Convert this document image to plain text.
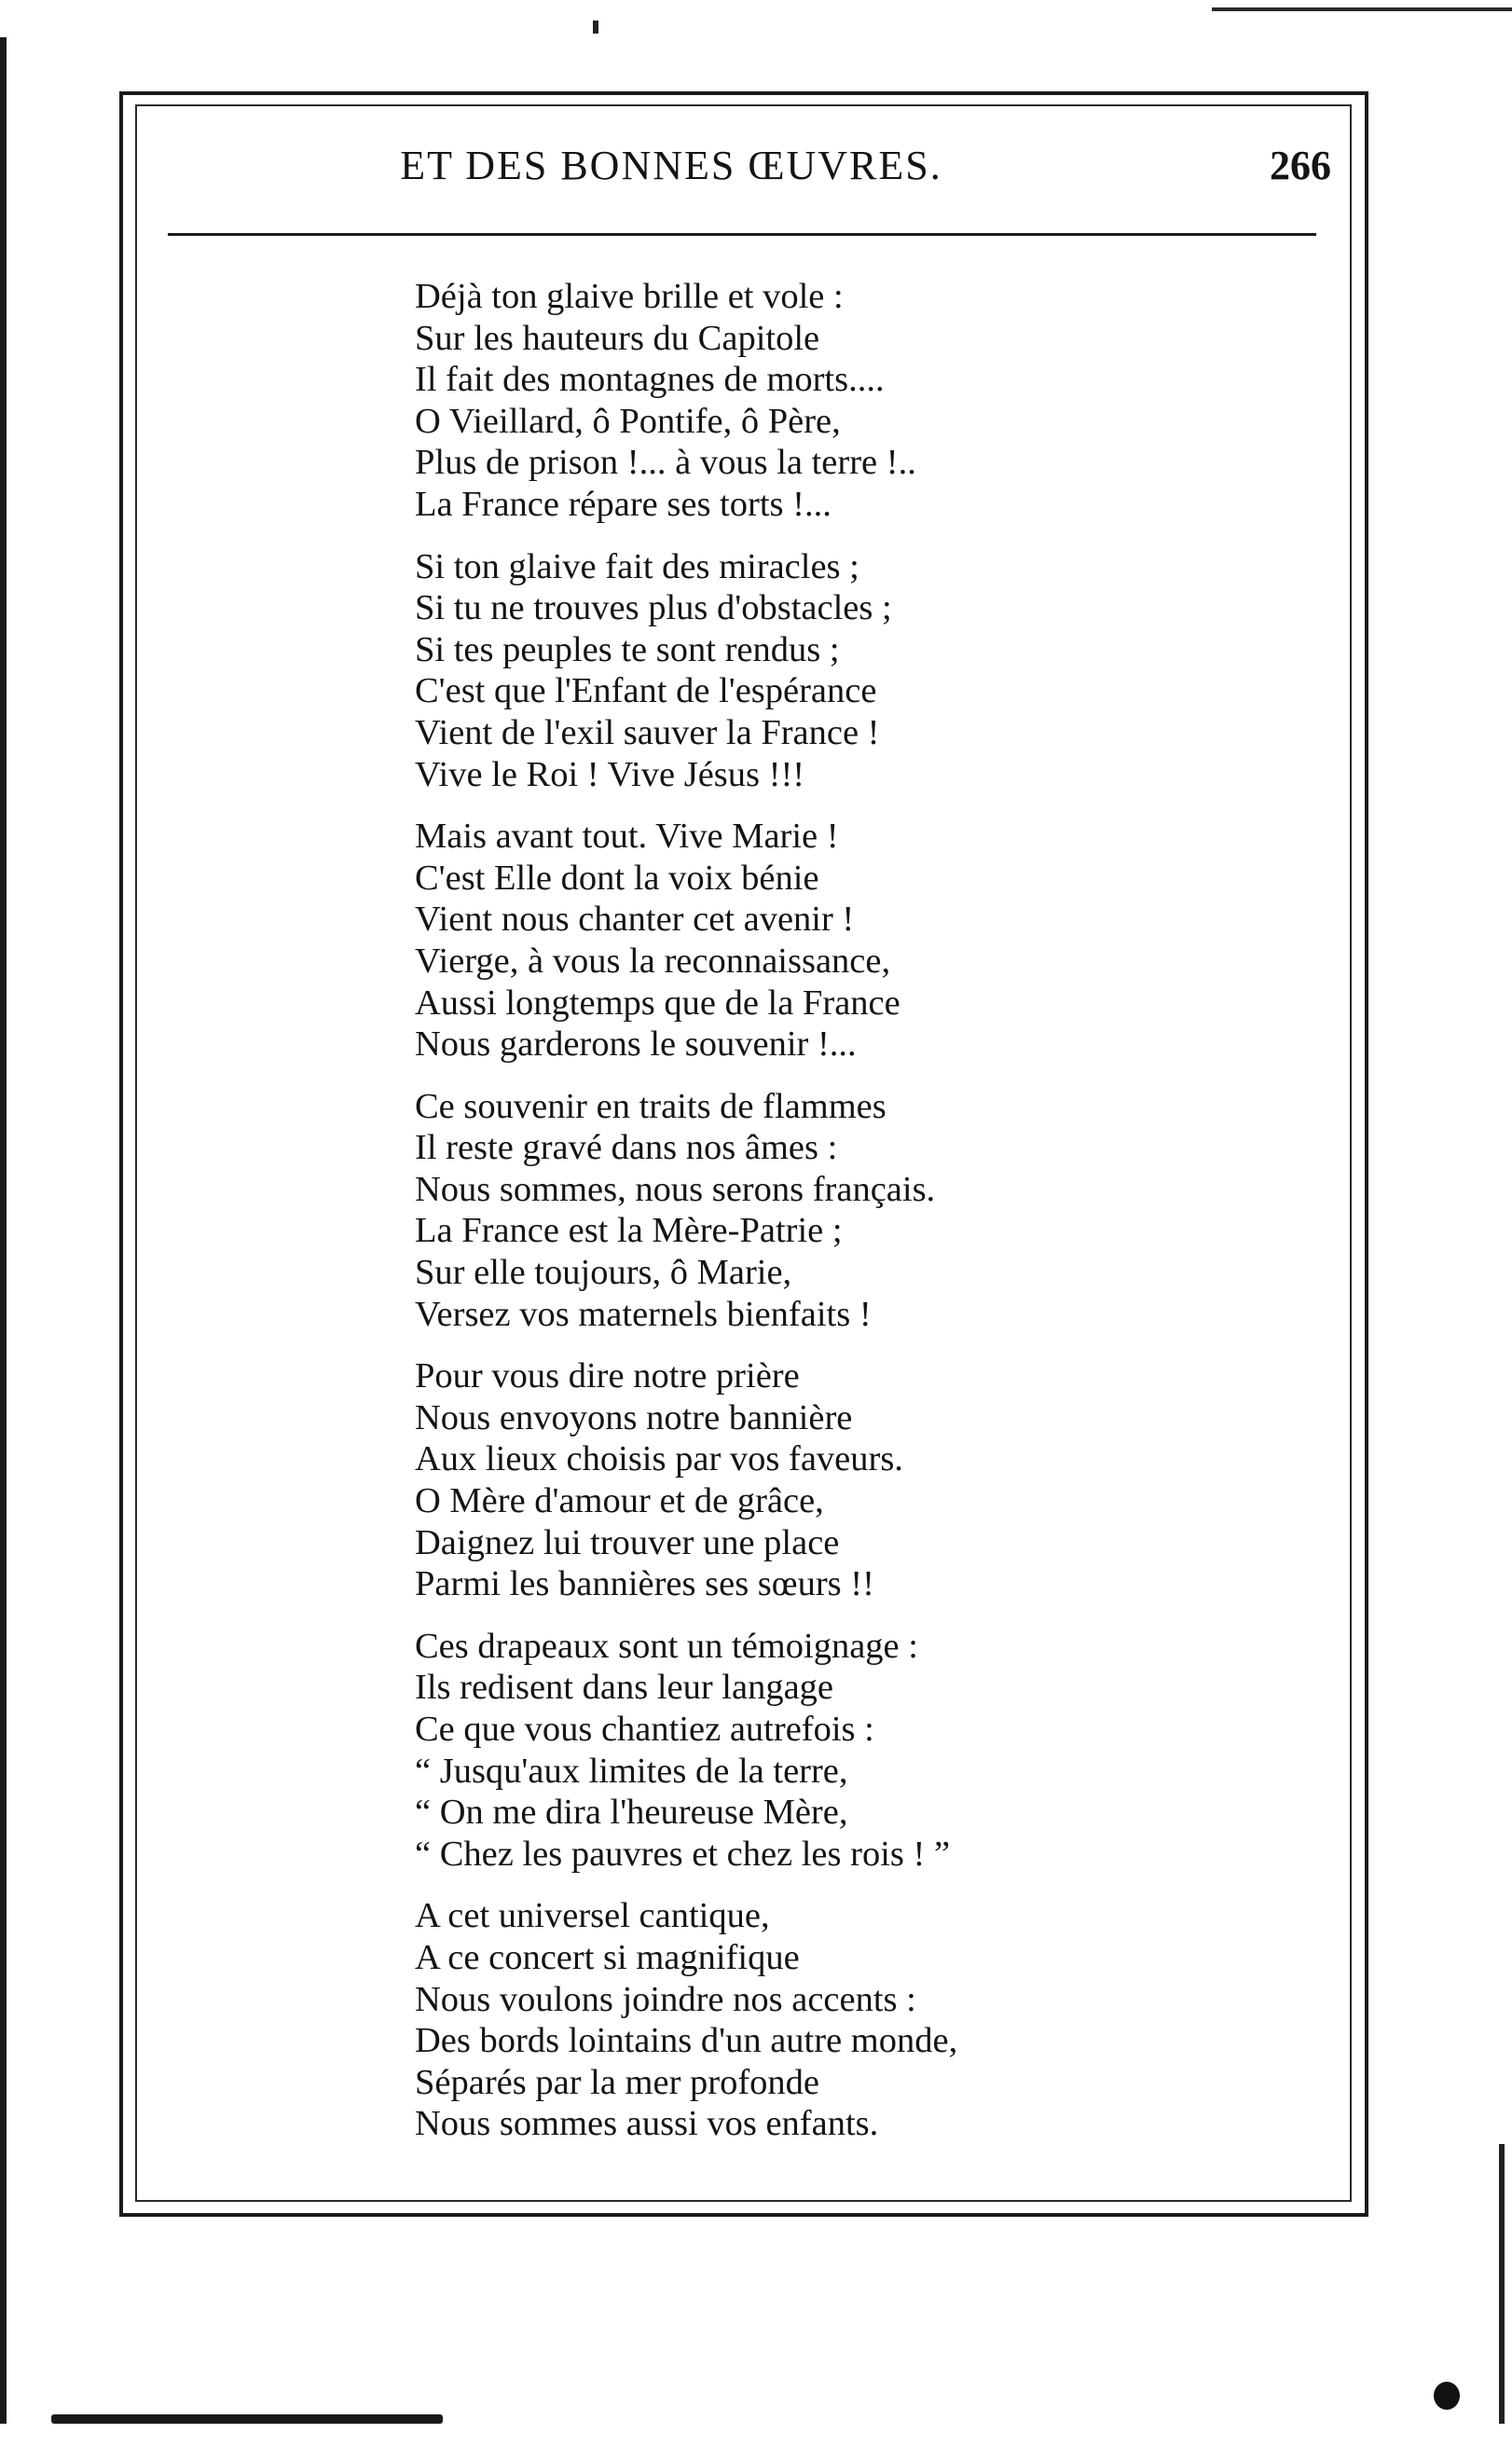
ET DES BONNES ŒUVRES.	266
Déjà ton glaive brille et vole :
Sur les hauteurs du Capitole
Il fait des montagnes de morts....
O Vieillard, ô Pontife, ô Père,
Plus de prison !... à vous la terre !..
La France répare ses torts !...
Si ton glaive fait des miracles ;
Si tu ne trouves plus d'obstacles ;
Si tes peuples te sont rendus ;
C'est que l'Enfant de l'espérance
Vient de l'exil sauver la France !
Vive le Roi ! Vive Jésus !!!
Mais avant tout. Vive Marie !
C'est Elle dont la voix bénie
Vient nous chanter cet avenir !
Vierge, à vous la reconnaissance,
Aussi longtemps que de la France
Nous garderons le souvenir !...
Ce souvenir en traits de flammes
Il reste gravé dans nos âmes :
Nous sommes, nous serons français.
La France est la Mère-Patrie ;
Sur elle toujours, ô Marie,
Versez vos maternels bienfaits !
Pour vous dire notre prière
Nous envoyons notre bannière
Aux lieux choisis par vos faveurs.
O Mère d'amour et de grâce,
Daignez lui trouver une place
Parmi les bannières ses sœurs !!
Ces drapeaux sont un témoignage :
Ils redisent dans leur langage
Ce que vous chantiez autrefois :
“ Jusqu'aux limites de la terre,
“ On me dira l'heureuse Mère,
“ Chez les pauvres et chez les rois ! ”
A cet universel cantique,
A ce concert si magnifique
Nous voulons joindre nos accents :
Des bords lointains d'un autre monde,
Séparés par la mer profonde
Nous sommes aussi vos enfants.
